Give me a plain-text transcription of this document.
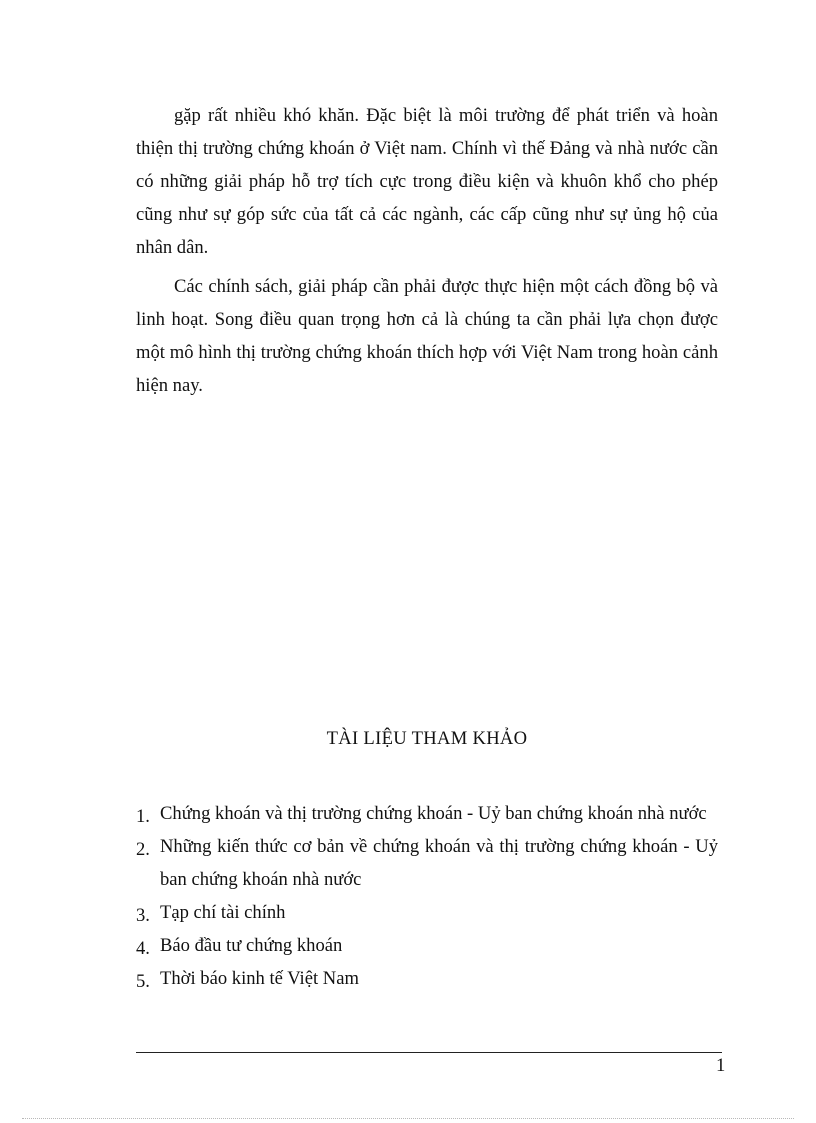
gặp rất nhiều khó khăn. Đặc biệt là môi trường để phát triển và hoàn thiện thị trường chứng khoán ở Việt nam. Chính vì thế Đảng và nhà nước cần có những giải pháp hỗ trợ tích cực trong điều kiện và khuôn khổ cho phép cũng như sự góp sức của tất cả các ngành, các cấp cũng như sự ủng hộ của nhân dân.

Các chính sách, giải pháp cần phải được thực hiện một cách đồng bộ và linh hoạt. Song điều quan trọng hơn cả là chúng ta cần phải lựa chọn được một mô hình thị trường chứng khoán thích hợp với Việt Nam trong hoàn cảnh hiện nay.

TÀI LIỆU THAM KHẢO
1. Chứng khoán và thị trường chứng khoán - Uỷ ban chứng khoán nhà nước
2. Những kiến thức cơ bản về chứng khoán và thị trường chứng khoán - Uỷ ban chứng khoán nhà nước
3. Tạp chí tài chính
4. Báo đầu tư chứng khoán
5. Thời báo kinh tế Việt Nam
1
